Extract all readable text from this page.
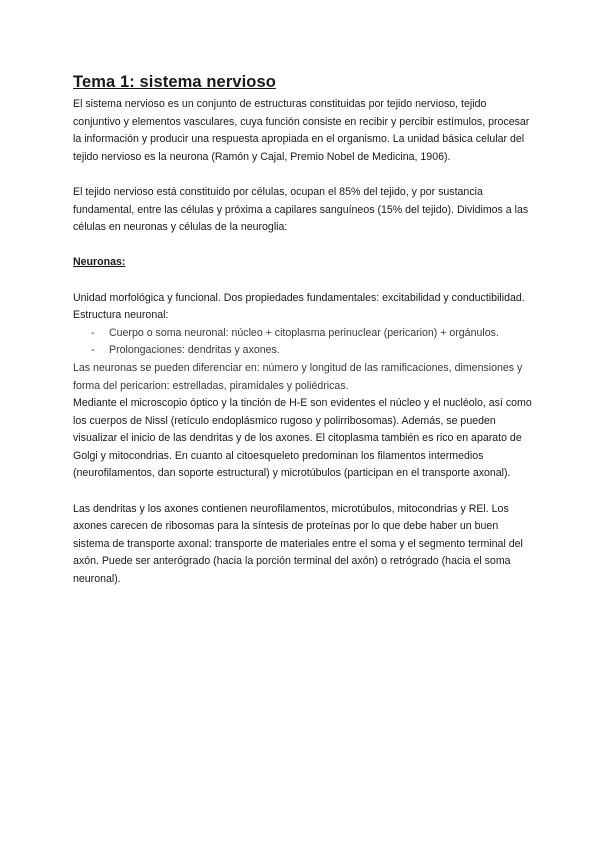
Tema 1: sistema nervioso

El sistema nervioso es un conjunto de estructuras constituidas por tejido nervioso, tejido conjuntivo y elementos vasculares, cuya función consiste en recibir y percibir estímulos, procesar la información y producir una respuesta apropiada en el organismo. La unidad básica celular del tejido nervioso es la neurona (Ramón y Cajal, Premio Nobel de Medicina, 1906).

El tejido nervioso está constituido por células, ocupan el 85% del tejido, y por sustancia fundamental, entre las células y próxima a capilares sanguíneos (15% del tejido). Dividimos a las células en neuronas y células de la neuroglia:

Neuronas:

Unidad morfológica y funcional. Dos propiedades fundamentales: excitabilidad y conductibilidad. Estructura neuronal:

- Cuerpo o soma neuronal: núcleo + citoplasma perinuclear (pericarion) + orgánulos.
- Prolongaciones: dendritas y axones.

Las neuronas se pueden diferenciar en: número y longitud de las ramificaciones, dimensiones y forma del pericarion: estrelladas, piramidales y poliédricas.

Mediante el microscopio óptico y la tinción de H-E son evidentes el núcleo y el nucléolo, así como los cuerpos de Nissl (retículo endoplásmico rugoso y polirribosomas). Además, se pueden visualizar el inicio de las dendritas y de los axones. El citoplasma también es rico en aparato de Golgi y mitocondrias. En cuanto al citoesqueleto predominan los filamentos intermedios (neurofilamentos, dan soporte estructural) y microtúbulos (participan en el transporte axonal).

Las dendritas y los axones contienen neurofilamentos, microtúbulos, mitocondrias y REl. Los axones carecen de ribosomas para la síntesis de proteínas por lo que debe haber un buen sistema de transporte axonal: transporte de materiales entre el soma y el segmento terminal del axón. Puede ser anterógrado (hacia la porción terminal del axón) o retrógrado (hacia el soma neuronal).
